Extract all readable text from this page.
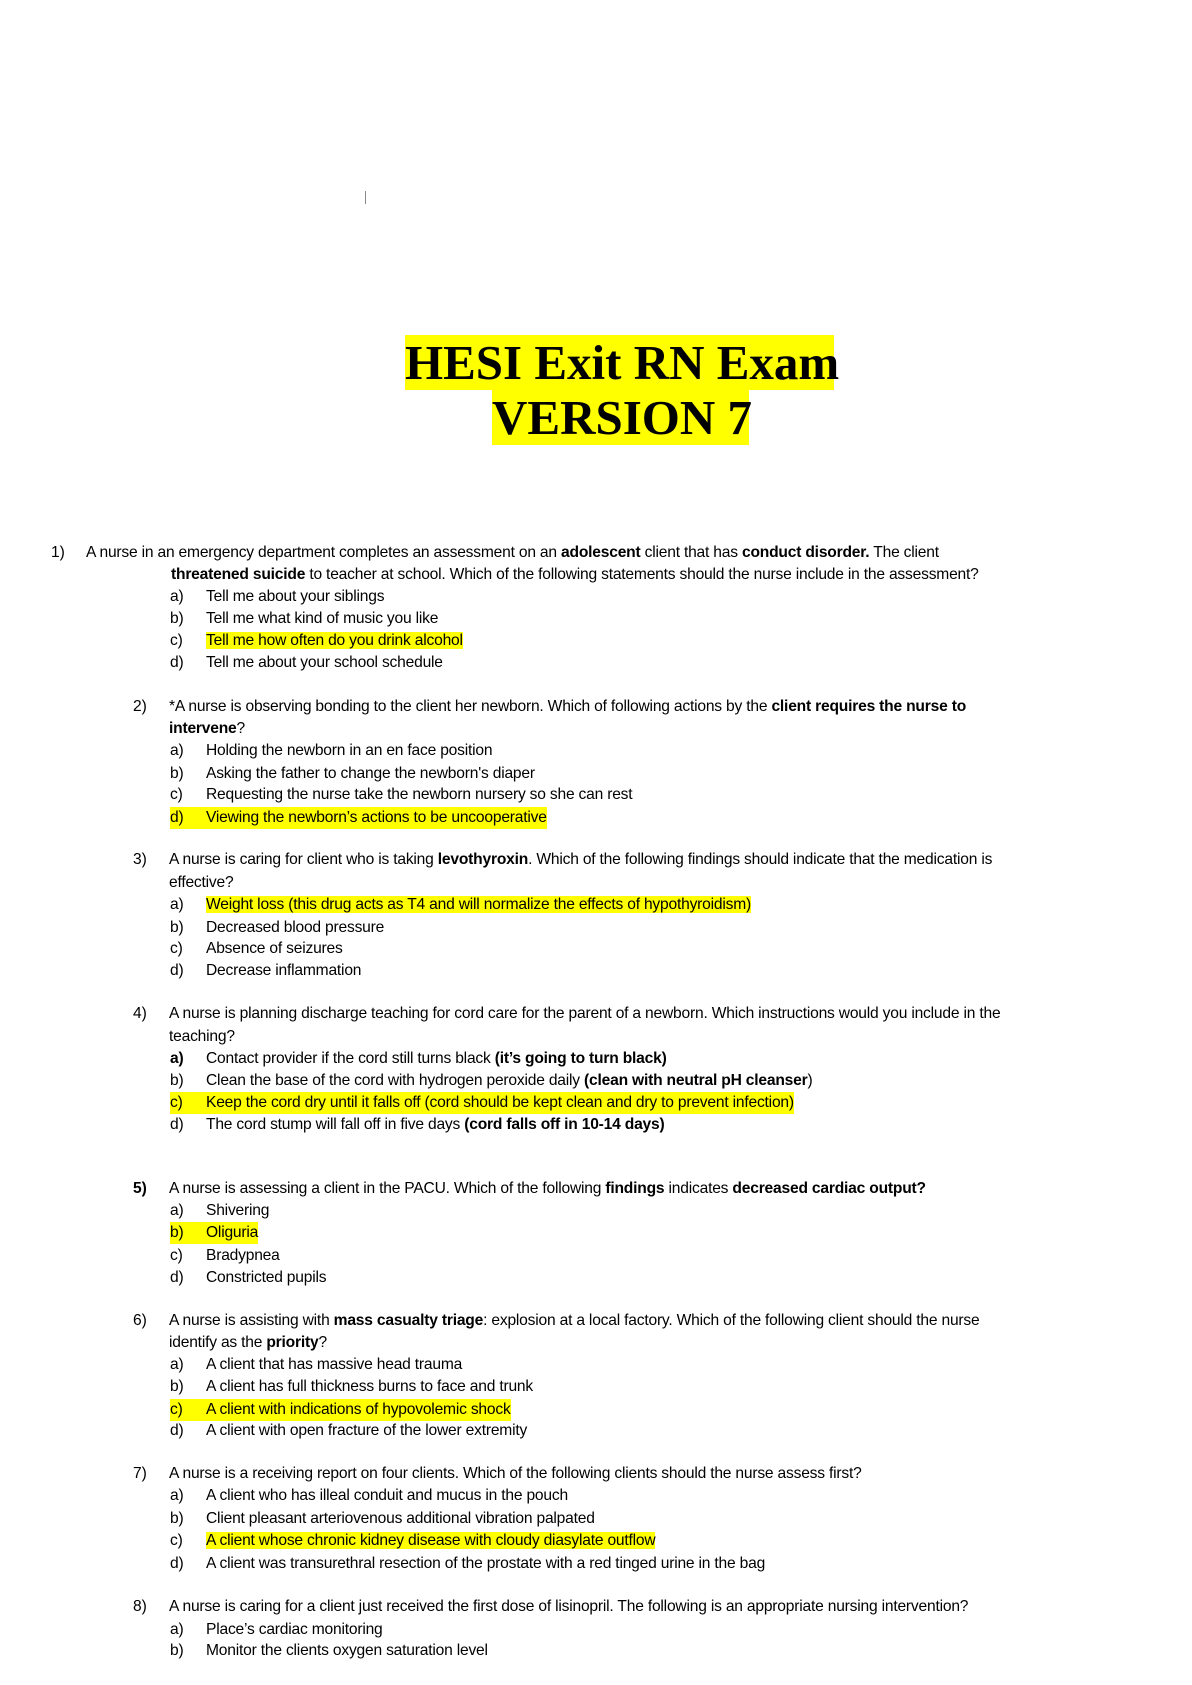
HESI Exit RN Exam
VERSION 7
1) A nurse in an emergency department completes an assessment on an adolescent client that has conduct disorder. The client
threatened suicide to teacher at school. Which of the following statements should the nurse include in the assessment?
a) Tell me about your siblings
b) Tell me what kind of music you like
c) Tell me how often do you drink alcohol
d) Tell me about your school schedule
2) *A nurse is observing bonding to the client her newborn. Which of following actions by the client requires the nurse to
intervene?
a) Holding the newborn in an en face position
b) Asking the father to change the newborn's diaper
c) Requesting the nurse take the newborn nursery so she can rest
d) Viewing the newborn’s actions to be uncooperative
3) A nurse is caring for client who is taking levothyroxin. Which of the following findings should indicate that the medication is
effective?
a) Weight loss (this drug acts as T4 and will normalize the effects of hypothyroidism)
b) Decreased blood pressure
c) Absence of seizures
d) Decrease inflammation
4) A nurse is planning discharge teaching for cord care for the parent of a newborn. Which instructions would you include in the
teaching?
a) Contact provider if the cord still turns black (it’s going to turn black)
b) Clean the base of the cord with hydrogen peroxide daily (clean with neutral pH cleanser)
c) Keep the cord dry until it falls off (cord should be kept clean and dry to prevent infection)
d) The cord stump will fall off in five days (cord falls off in 10-14 days)
5) A nurse is assessing a client in the PACU. Which of the following findings indicates decreased cardiac output?
a) Shivering
b) Oliguria
c) Bradypnea
d) Constricted pupils
6) A nurse is assisting with mass casualty triage: explosion at a local factory. Which of the following client should the nurse
identify as the priority?
a) A client that has massive head trauma
b) A client has full thickness burns to face and trunk
c) A client with indications of hypovolemic shock
d) A client with open fracture of the lower extremity
7) A nurse is a receiving report on four clients. Which of the following clients should the nurse assess first?
a) A client who has illeal conduit and mucus in the pouch
b) Client pleasant arteriovenous additional vibration palpated
c) A client whose chronic kidney disease with cloudy diasylate outflow
d) A client was transurethral resection of the prostate with a red tinged urine in the bag
8) A nurse is caring for a client just received the first dose of lisinopril. The following is an appropriate nursing intervention?
a) Place’s cardiac monitoring
b) Monitor the clients oxygen saturation level
